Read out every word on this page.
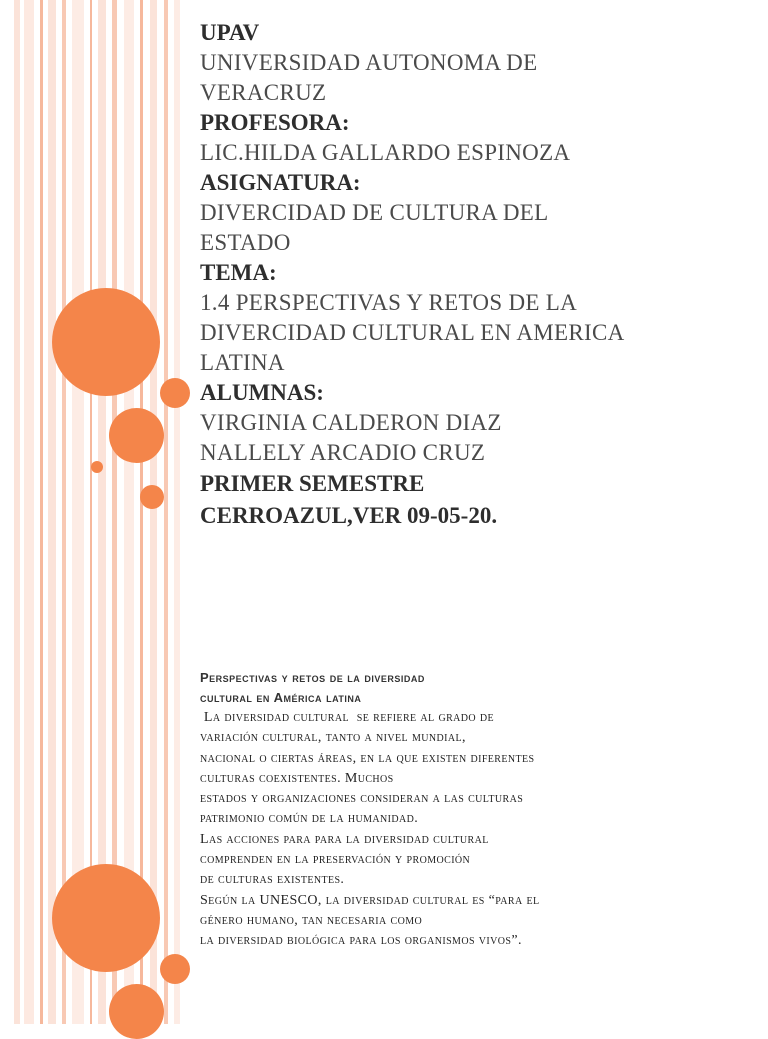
UPAV
UNIVERSIDAD AUTONOMA DE
VERACRUZ
PROFESORA:
LIC.HILDA GALLARDO ESPINOZA
ASIGNATURA:
DIVERCIDAD DE CULTURA DEL
ESTADO
TEMA:
1.4 PERSPECTIVAS Y RETOS DE LA
DIVERCIDAD CULTURAL EN AMERICA
LATINA
ALUMNAS:
VIRGINIA CALDERON DIAZ
NALLELY ARCADIO CRUZ
PRIMER SEMESTRE
CERROAZUL,VER 09-05-20.
Perspectivas y retos de la diversidad
cultural en América latina
La diversidad cultural  se refiere al grado de
variación cultural, tanto a nivel mundial,
nacional o ciertas áreas, en la que existen diferentes
culturas coexistentes. Muchos
estados y organizaciones consideran a las culturas
patrimonio común de la humanidad.
Las acciones para para la diversidad cultural
comprenden en la preservación y promoción
de culturas existentes.
Según la UNESCO, la diversidad cultural es “para el
género humano, tan necesaria como
la diversidad biológica para los organismos vivos”.
